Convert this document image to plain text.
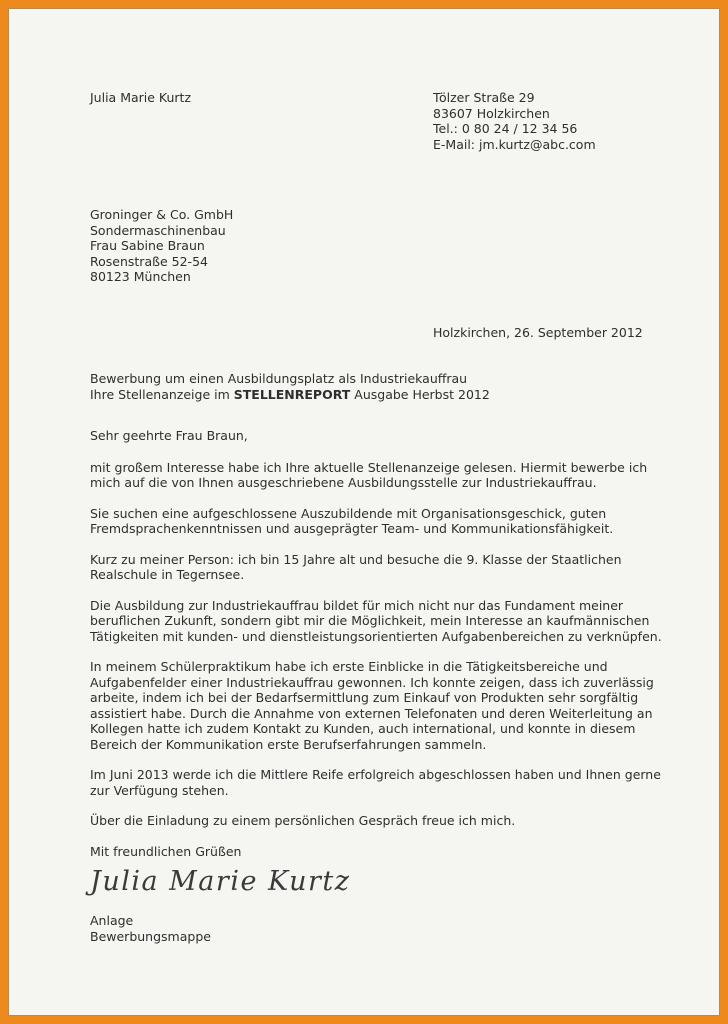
Julia Marie Kurtz	Tölzer Straße 29
83607 Holzkirchen
Tel.: 0 80 24 / 12 34 56
E-Mail: jm.kurtz@abc.com
Groninger & Co. GmbH
Sondermaschinenbau
Frau Sabine Braun
Rosenstraße 52-54
80123 München
Holzkirchen, 26. September 2012
Bewerbung um einen Ausbildungsplatz als Industriekauffrau
Ihre Stellenanzeige im STELLENREPORT Ausgabe Herbst 2012

Sehr geehrte Frau Braun,

mit großem Interesse habe ich Ihre aktuelle Stellenanzeige gelesen. Hiermit bewerbe ich mich auf die von Ihnen ausgeschriebene Ausbildungsstelle zur Industriekauffrau.

Sie suchen eine aufgeschlossene Auszubildende mit Organisationsgeschick, guten Fremdsprachenkenntnissen und ausgeprägter Team- und Kommunikationsfähigkeit.

Kurz zu meiner Person: ich bin 15 Jahre alt und besuche die 9. Klasse der Staatlichen Realschule in Tegernsee.

Die Ausbildung zur Industriekauffrau bildet für mich nicht nur das Fundament meiner beruflichen Zukunft, sondern gibt mir die Möglichkeit, mein Interesse an kaufmännischen Tätigkeiten mit kunden- und dienstleistungsorientierten Aufgabenbereichen zu verknüpfen.

In meinem Schülerpraktikum habe ich erste Einblicke in die Tätigkeitsbereiche und Aufgabenfelder einer Industriekauffrau gewonnen. Ich konnte zeigen, dass ich zuverlässig arbeite, indem ich bei der Bedarfsermittlung zum Einkauf von Produkten sehr sorgfältig assistiert habe. Durch die Annahme von externen Telefonaten und deren Weiterleitung an Kollegen hatte ich zudem Kontakt zu Kunden, auch international, und konnte in diesem Bereich der Kommunikation erste Berufserfahrungen sammeln.

Im Juni 2013 werde ich die Mittlere Reife erfolgreich abgeschlossen haben und Ihnen gerne zur Verfügung stehen.

Über die Einladung zu einem persönlichen Gespräch freue ich mich.

Mit freundlichen Grüßen

Julia Marie Kurtz
Anlage
Bewerbungsmappe
